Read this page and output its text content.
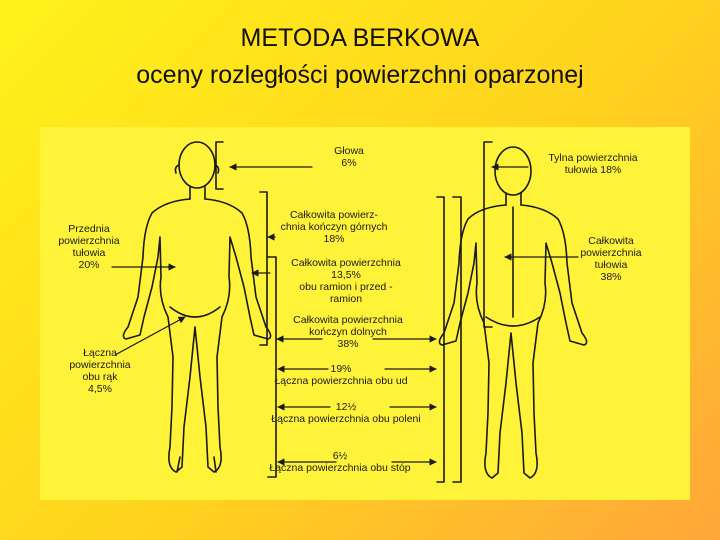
METODA BERKOWA
oceny rozległości powierzchni oparzonej
Głowa
6%	Tylna powierzchnia
tułowia 18%
Całkowita powierz-
chnia kończyn górnych
18%
Przednia
powierzchnia
tułowia
20%
Całkowita
powierzchnia
tułowia
38%
Całkowita powierzchnia
13,5%
obu ramion i przed -
ramion
Całkowita powierzchnia
kończyn dolnych
38%
Łączna
powierzchnia
obu rąk
4,5%
19%
Łączna powierzchnia obu ud
12½
Łączna powierzchnia obu poleni
6½
Łączna powierzchnia obu stóp
